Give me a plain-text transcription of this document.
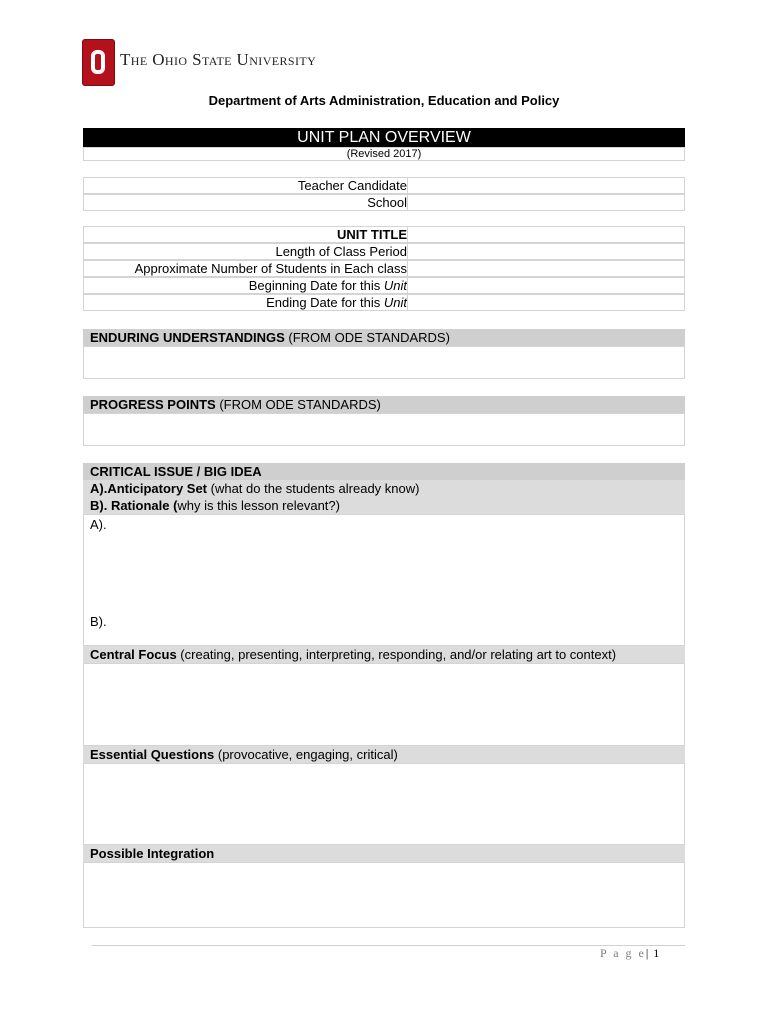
The Ohio State University
Department of Arts Administration, Education and Policy
UNIT PLAN OVERVIEW
(Revised 2017)
Teacher Candidate
School
UNIT TITLE
Length of Class Period
Approximate Number of Students in Each class
Beginning Date for this Unit
Ending Date for this Unit
ENDURING UNDERSTANDINGS (FROM ODE STANDARDS)
PROGRESS POINTS (FROM ODE STANDARDS)
CRITICAL ISSUE / BIG IDEA
A).Anticipatory Set (what do the students already know)
B). Rationale (why is this lesson relevant?)
A).
B).
Central Focus (creating, presenting, interpreting, responding, and/or relating art to context)
Essential Questions (provocative, engaging, critical)
Possible Integration
P a g e| 1
